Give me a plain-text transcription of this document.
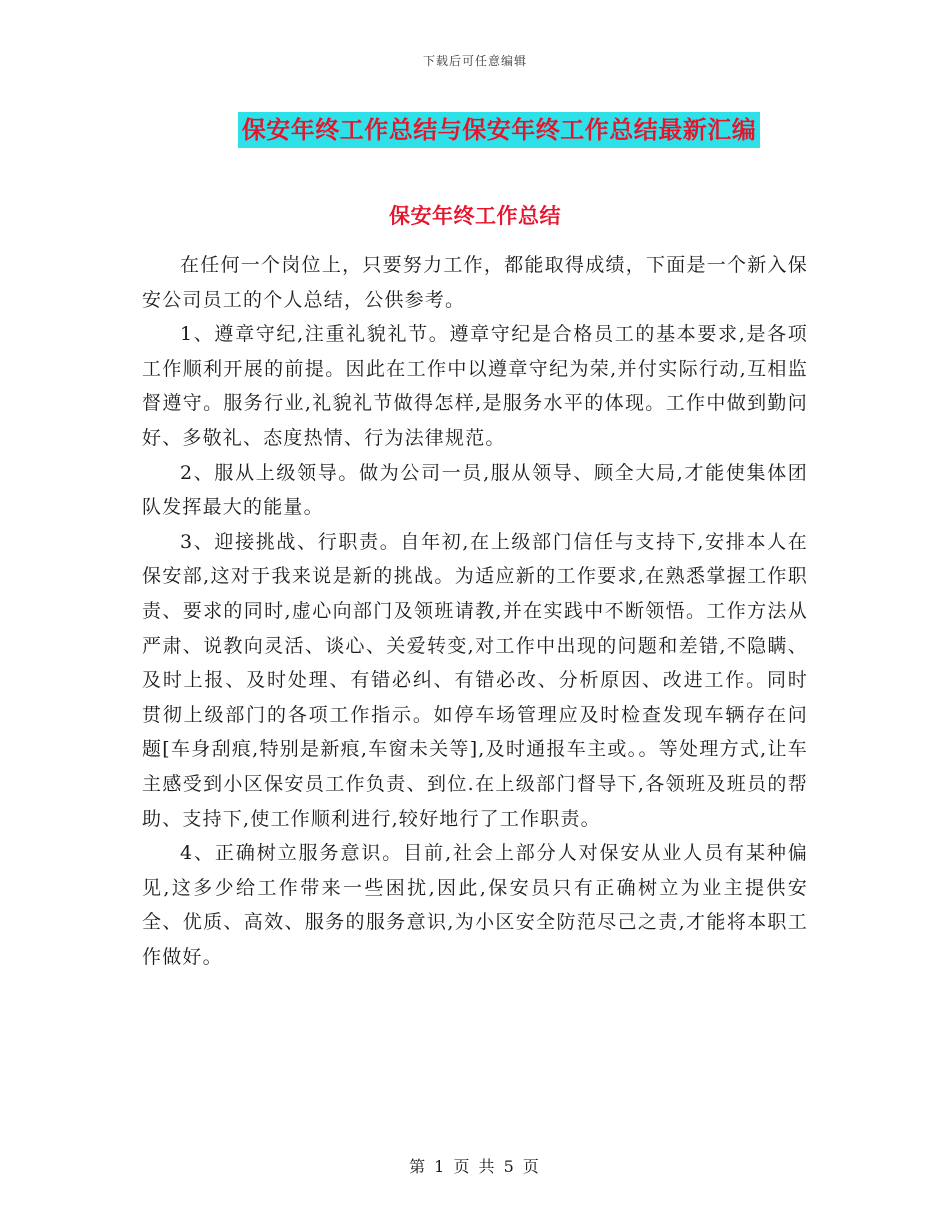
下载后可任意编辑
保安年终工作总结与保安年终工作总结最新汇编
保安年终工作总结

在任何一个岗位上，只要努力工作，都能取得成绩，下面是一个新入保安公司员工的个人总结，公供参考。

1、遵章守纪,注重礼貌礼节。遵章守纪是合格员工的基本要求,是各项工作顺利开展的前提。因此在工作中以遵章守纪为荣,并付实际行动,互相监督遵守。服务行业,礼貌礼节做得怎样,是服务水平的体现。工作中做到勤问好、多敬礼、态度热情、行为法律规范。

2、服从上级领导。做为公司一员,服从领导、顾全大局,才能使集体团队发挥最大的能量。

3、迎接挑战、行职责。自年初,在上级部门信任与支持下,安排本人在保安部,这对于我来说是新的挑战。为适应新的工作要求,在熟悉掌握工作职责、要求的同时,虚心向部门及领班请教,并在实践中不断领悟。工作方法从严肃、说教向灵活、谈心、关爱转变,对工作中出现的问题和差错,不隐瞒、及时上报、及时处理、有错必纠、有错必改、分析原因、改进工作。同时贯彻上级部门的各项工作指示。如停车场管理应及时检查发现车辆存在问题[车身刮痕,特别是新痕,车窗未关等],及时通报车主或。。等处理方式,让车主感受到小区保安员工作负责、到位.在上级部门督导下,各领班及班员的帮助、支持下,使工作顺利进行,较好地行了工作职责。

4、正确树立服务意识。目前,社会上部分人对保安从业人员有某种偏见,这多少给工作带来一些困扰,因此,保安员只有正确树立为业主提供安全、优质、高效、服务的服务意识,为小区安全防范尽己之责,才能将本职工作做好。

第 1 页 共 5 页
